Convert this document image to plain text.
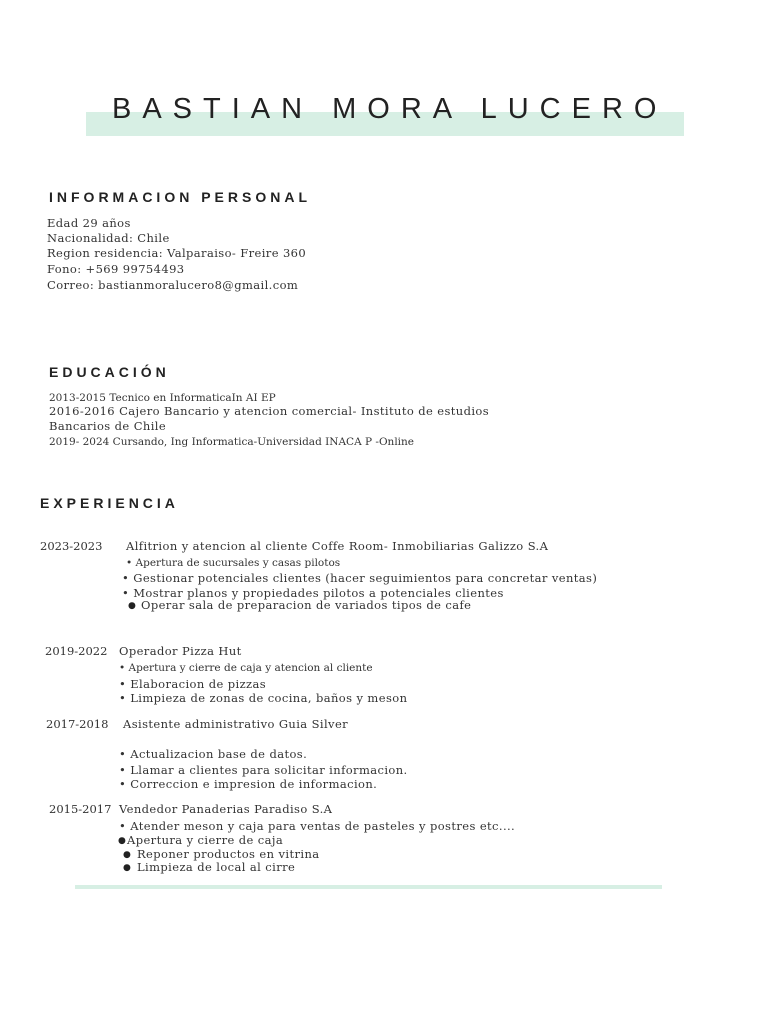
BASTIAN MORA LUCERO
INFORMACION PERSONAL
Edad 29 años
Nacionalidad: Chile
Region residencia: Valparaiso- Freire 360
Fono: +569 99754493
Correo: bastianmoralucero8@gmail.com
EDUCACIÓN
2013-2015 Tecnico en InformaticaIn AI EP
2016-2016 Cajero Bancario y atencion comercial- Instituto de estudios
Bancarios de Chile
2019- 2024 Cursando, Ing Informatica-Universidad INACA P -Online
EXPERIENCIA
2023-2023 Alfitrion y atencion al cliente Coffe Room- Inmobiliarias Galizzo S.A
• Apertura de sucursales y casas pilotos
• Gestionar potenciales clientes (hacer seguimientos para concretar ventas)
• Mostrar planos y propiedades pilotos a potenciales clientes
● Operar sala de preparacion de variados tipos de cafe
2019-2022 Operador Pizza Hut
• Apertura y cierre de caja y atencion al cliente
• Elaboracion de pizzas
• Limpieza de zonas de cocina, baños y meson
2017-2018 Asistente administrativo Guia Silver
• Actualizacion base de datos.
• Llamar a clientes para solicitar informacion.
• Correccion e impresion de informacion.
2015-2017 Vendedor Panaderias Paradiso S.A
• Atender meson y caja para ventas de pasteles y postres etc....
● Apertura y cierre de caja
● Reponer productos en vitrina
● Limpieza de local al cirre
